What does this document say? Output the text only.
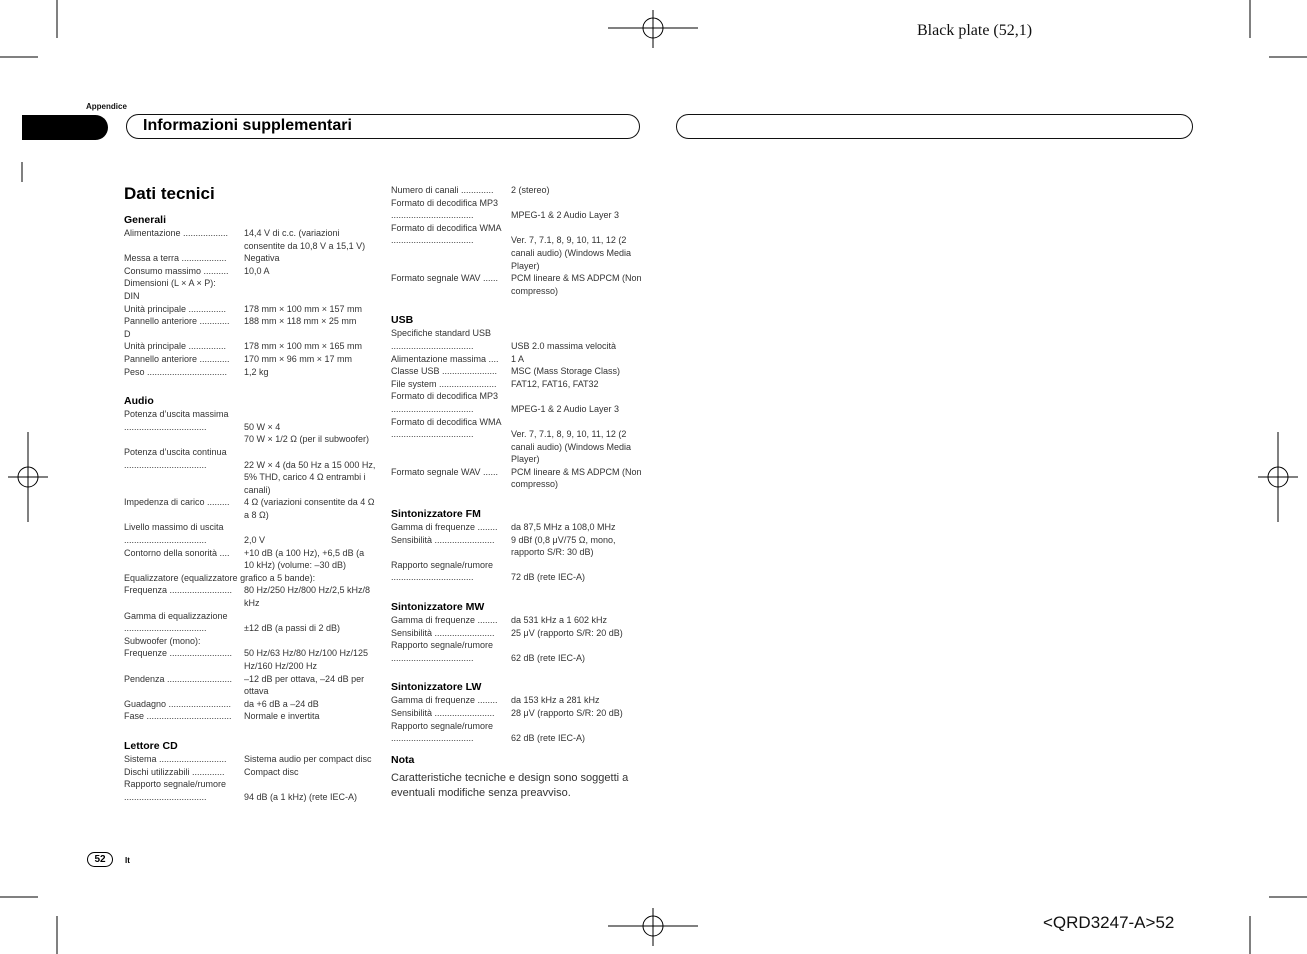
Black plate (52,1)
Appendice
Informazioni supplementari
Dati tecnici
Generali
Alimentazione ..................	14,4 V di c.c. (variazioni consentite da 10,8 V a 15,1 V)
Messa a terra ..................	Negativa
Consumo massimo ..........	10,0 A
Dimensioni (L × A × P):
DIN
Unità principale ...............	178 mm × 100 mm × 157 mm
Pannello anteriore ............	188 mm × 118 mm × 25 mm
D
Unità principale ...............	178 mm × 100 mm × 165 mm
Pannello anteriore ............	170 mm × 96 mm × 17 mm
Peso ................................	1,2 kg
Audio
Potenza d’uscita massima
.................................	50 W × 4
70 W × 1/2 Ω (per il subwoofer)
Potenza d’uscita continua
.................................	22 W × 4 (da 50 Hz a 15 000 Hz, 5% THD, carico 4 Ω entrambi i canali)
Impedenza di carico .........	4 Ω (variazioni consentite da 4 Ω a 8 Ω)
Livello massimo di uscita
.................................	2,0 V
Contorno della sonorità ....	+10 dB (a 100 Hz), +6,5 dB (a 10 kHz) (volume: –30 dB)
Equalizzatore (equalizzatore grafico a 5 bande):
Frequenza .........................	80 Hz/250 Hz/800 Hz/2,5 kHz/8 kHz
Gamma di equalizzazione
.................................	±12 dB (a passi di 2 dB)
Subwoofer (mono):
Frequenze .........................	50 Hz/63 Hz/80 Hz/100 Hz/125 Hz/160 Hz/200 Hz
Pendenza ..........................	–12 dB per ottava, –24 dB per ottava
Guadagno .........................	da +6 dB a –24 dB
Fase ..................................	Normale e invertita
Lettore CD
Sistema ...........................	Sistema audio per compact disc
Dischi utilizzabili .............	Compact disc
Rapporto segnale/rumore
.................................	94 dB (a 1 kHz) (rete IEC-A)
Numero di canali .............	2 (stereo)
Formato di decodifica MP3
.................................	MPEG-1 & 2 Audio Layer 3
Formato di decodifica WMA
.................................	Ver. 7, 7.1, 8, 9, 10, 11, 12 (2 canali audio) (Windows Media Player)
Formato segnale WAV ......	PCM lineare & MS ADPCM (Non compresso)
USB
Specifiche standard USB
.................................	USB 2.0 massima velocità
Alimentazione massima ....	1 A
Classe USB ......................	MSC (Mass Storage Class)
File system .......................	FAT12, FAT16, FAT32
Formato di decodifica MP3
.................................	MPEG-1 & 2 Audio Layer 3
Formato di decodifica WMA
.................................	Ver. 7, 7.1, 8, 9, 10, 11, 12 (2 canali audio) (Windows Media Player)
Formato segnale WAV ......	PCM lineare & MS ADPCM (Non compresso)
Sintonizzatore FM
Gamma di frequenze ........	da 87,5 MHz a 108,0 MHz
Sensibilità ........................	9 dBf (0,8 μV/75 Ω, mono, rapporto S/R: 30 dB)
Rapporto segnale/rumore
.................................	72 dB (rete IEC-A)
Sintonizzatore MW
Gamma di frequenze ........	da 531 kHz a 1 602 kHz
Sensibilità ........................	25 μV (rapporto S/R: 20 dB)
Rapporto segnale/rumore
.................................	62 dB (rete IEC-A)
Sintonizzatore LW
Gamma di frequenze ........	da 153 kHz a 281 kHz
Sensibilità ........................	28 μV (rapporto S/R: 20 dB)
Rapporto segnale/rumore
.................................	62 dB (rete IEC-A)
Nota
Caratteristiche tecniche e design sono soggetti a eventuali modifiche senza preavviso.
52	It
<QRD3247-A>52
